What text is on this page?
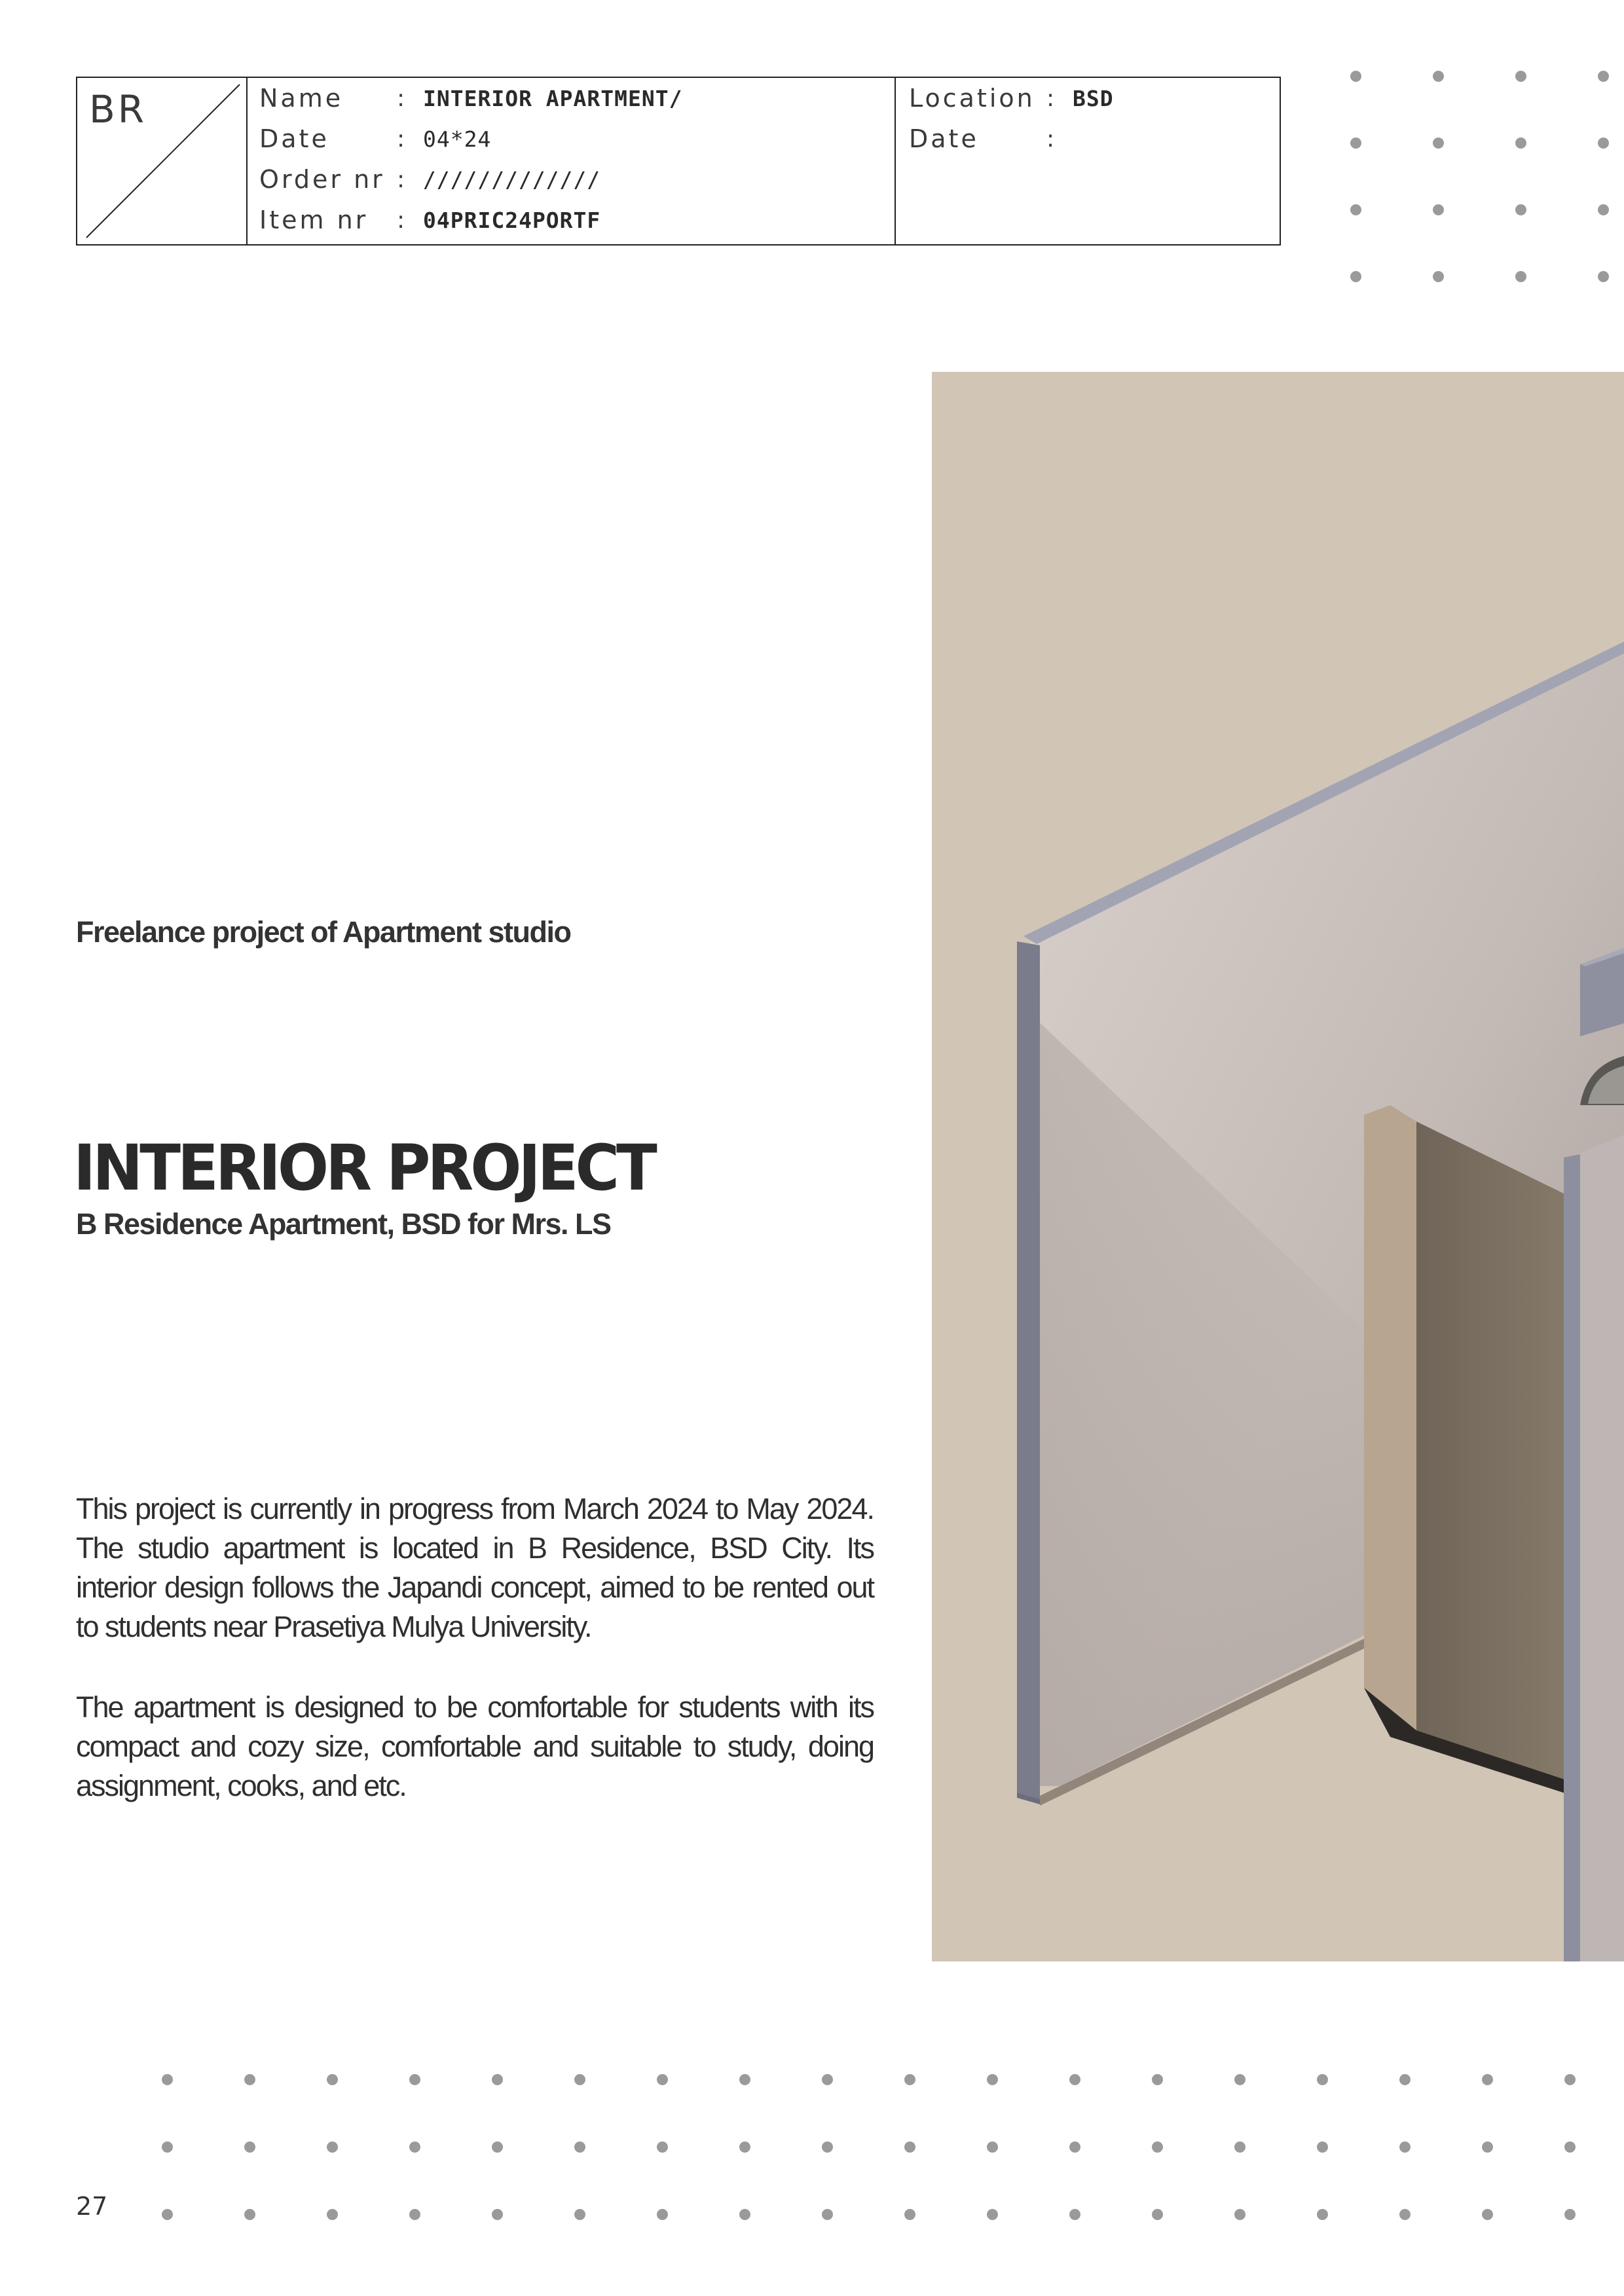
BR	Name	: INTERIOR APARTMENT/
Date	: 04*24
Order nr : /////////////
Item nr	: 04PRIC24PORTF
Location : BSD
Date	:
Freelance project of Apartment studio
INTERIOR PROJECT
B Residence Apartment, BSD for Mrs. LS

This project is currently in progress from March 2024 to May 2024. The studio apartment is located in B Residence, BSD City. Its interior design follows the Japandi concept, aimed to be rented out to students near Prasetiya Mulya University.

The apartment is designed to be comfortable for students with its compact and cozy size, comfortable and suitable to study, doing assignment, cooks, and etc.

27
